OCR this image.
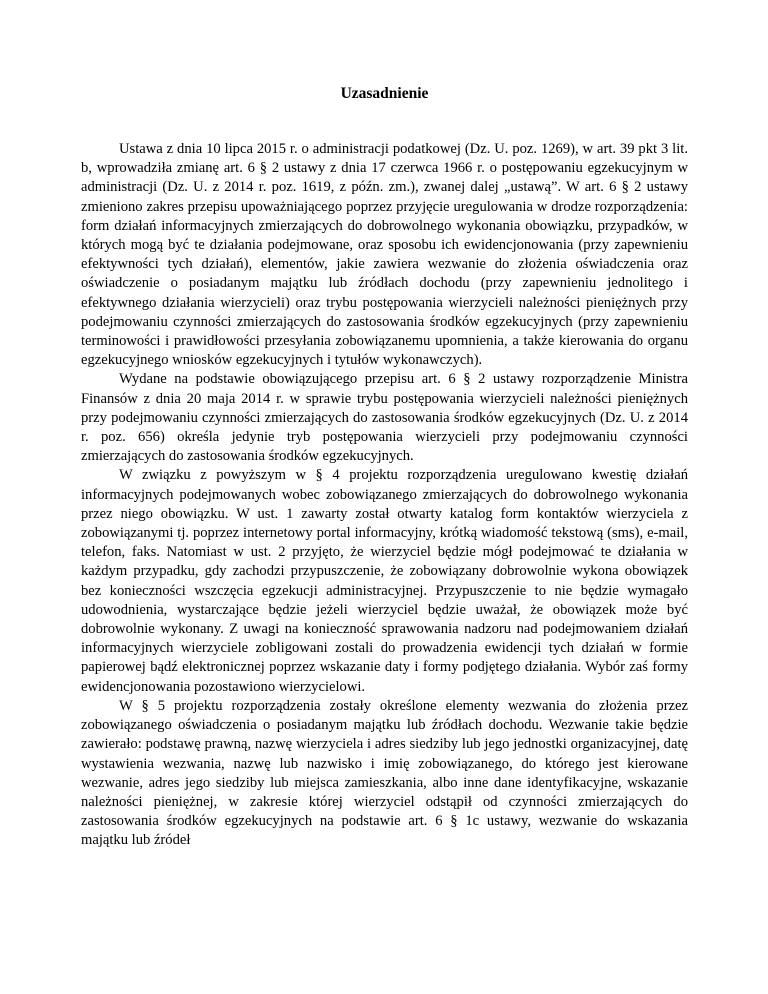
Uzasadnienie

Ustawa z dnia 10 lipca 2015 r. o administracji podatkowej (Dz. U. poz. 1269), w art. 39 pkt 3 lit. b, wprowadziła zmianę art. 6 § 2 ustawy z dnia 17 czerwca 1966 r. o postępowaniu egzekucyjnym w administracji (Dz. U. z 2014 r. poz. 1619, z późn. zm.), zwanej dalej „ustawą”. W art. 6 § 2 ustawy zmieniono zakres przepisu upoważniającego poprzez przyjęcie uregulowania w drodze rozporządzenia: form działań informacyjnych zmierzających do dobrowolnego wykonania obowiązku, przypadków, w których mogą być te działania podejmowane, oraz sposobu ich ewidencjonowania (przy zapewnieniu efektywności tych działań), elementów, jakie zawiera wezwanie do złożenia oświadczenia oraz oświadczenie o posiadanym majątku lub źródłach dochodu (przy zapewnieniu jednolitego i efektywnego działania wierzycieli) oraz trybu postępowania wierzycieli należności pieniężnych przy podejmowaniu czynności zmierzających do zastosowania środków egzekucyjnych (przy zapewnieniu terminowości i prawidłowości przesyłania zobowiązanemu upomnienia, a także kierowania do organu egzekucyjnego wniosków egzekucyjnych i tytułów wykonawczych).

Wydane na podstawie obowiązującego przepisu art. 6 § 2 ustawy rozporządzenie Ministra Finansów z dnia 20 maja 2014 r. w sprawie trybu postępowania wierzycieli należności pieniężnych przy podejmowaniu czynności zmierzających do zastosowania środków egzekucyjnych (Dz. U. z 2014 r. poz. 656) określa jedynie tryb postępowania wierzycieli przy podejmowaniu czynności zmierzających do zastosowania środków egzekucyjnych.

W związku z powyższym w § 4 projektu rozporządzenia uregulowano kwestię działań informacyjnych podejmowanych wobec zobowiązanego zmierzających do dobrowolnego wykonania przez niego obowiązku. W ust. 1 zawarty został otwarty katalog form kontaktów wierzyciela z zobowiązanymi tj. poprzez internetowy portal informacyjny, krótką wiadomość tekstową (sms), e-mail, telefon, faks. Natomiast w ust. 2 przyjęto, że wierzyciel będzie mógł podejmować te działania w każdym przypadku, gdy zachodzi przypuszczenie, że zobowiązany dobrowolnie wykona obowiązek bez konieczności wszczęcia egzekucji administracyjnej. Przypuszczenie to nie będzie wymagało udowodnienia, wystarczające będzie jeżeli wierzyciel będzie uważał, że obowiązek może być dobrowolnie wykonany. Z uwagi na konieczność sprawowania nadzoru nad podejmowaniem działań informacyjnych wierzyciele zobligowani zostali do prowadzenia ewidencji tych działań w formie papierowej bądź elektronicznej poprzez wskazanie daty i formy podjętego działania. Wybór zaś formy ewidencjonowania pozostawiono wierzycielowi.

W § 5 projektu rozporządzenia zostały określone elementy wezwania do złożenia przez zobowiązanego oświadczenia o posiadanym majątku lub źródłach dochodu. Wezwanie takie będzie zawierało: podstawę prawną, nazwę wierzyciela i adres siedziby lub jego jednostki organizacyjnej, datę wystawienia wezwania, nazwę lub nazwisko i imię zobowiązanego, do którego jest kierowane wezwanie, adres jego siedziby lub miejsca zamieszkania, albo inne dane identyfikacyjne, wskazanie należności pieniężnej, w zakresie której wierzyciel odstąpił od czynności zmierzających do zastosowania środków egzekucyjnych na podstawie art. 6 § 1c ustawy, wezwanie do wskazania majątku lub źródeł
